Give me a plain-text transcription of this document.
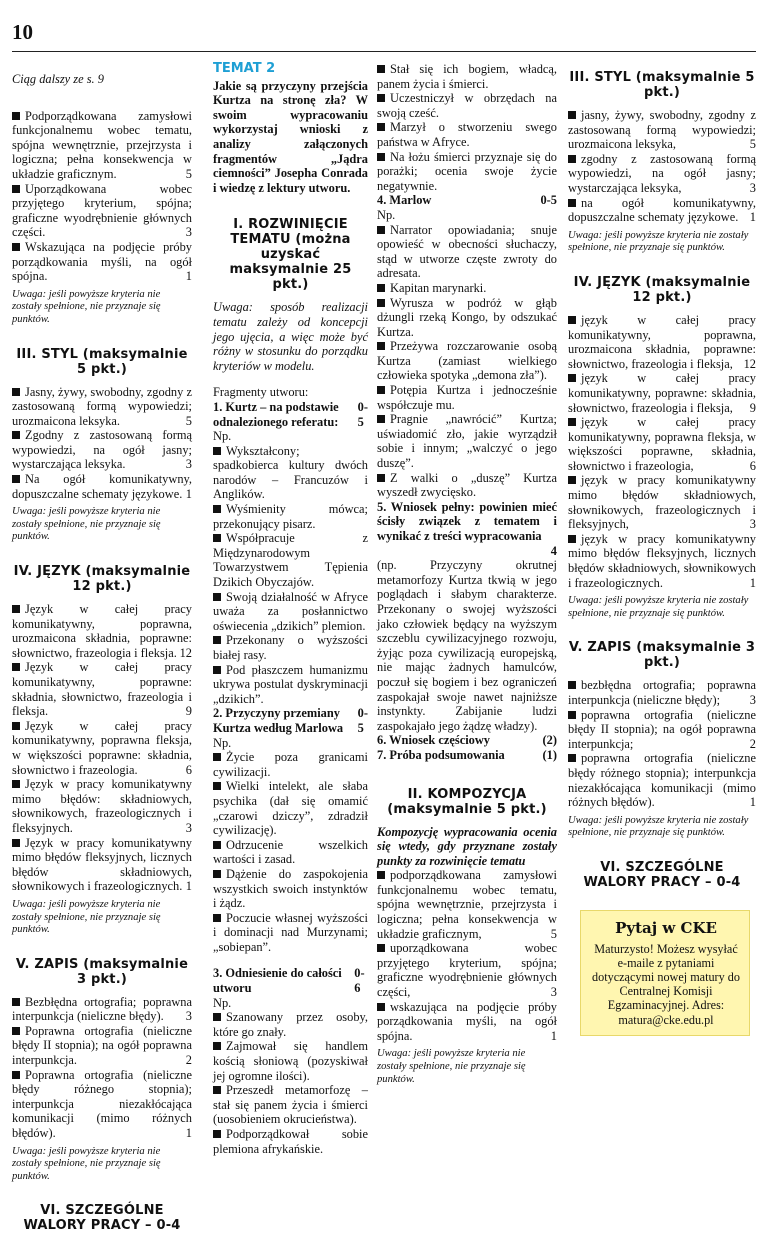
10

Ciąg dalszy ze s. 9

Podporządkowana zamysłowi funkcjonalnemu wobec tematu, spójna wewnętrznie, przejrzysta i logiczna; pełna konsekwencja w układzie graficznym.	5

Uporządkowana wobec przyjętego kryterium, spójna; graficzne wyodrębnienie głównych części.	3

Wskazująca na podjęcie próby porządkowania myśli, na ogół spójna.	1

Uwaga: jeśli powyższe kryteria nie zostały spełnione, nie przyznaje się punktów.

III. STYL (maksymalnie 5 pkt.)

Jasny, żywy, swobodny, zgodny z zastosowaną formą wypowiedzi; urozmaicona leksyka.	5

Zgodny z zastosowaną formą wypowiedzi, na ogół jasny; wystarczająca leksyka.	3

Na ogół komunikatywny, dopuszczalne schematy językowe. 1

Uwaga: jeśli powyższe kryteria nie zostały spełnione, nie przyznaje się punktów.

IV. JĘZYK (maksymalnie 12 pkt.)

Język w całej pracy komunikatywny, poprawna, urozmaicona składnia, poprawne: słownictwo, frazeologia i fleksja. 12

Język w całej pracy komunikatywny, poprawne: składnia, słownictwo, frazeologia i fleksja.	9

Język w całej pracy komunikatywny, poprawna fleksja, w większości poprawne: składnia, słownictwo i frazeologia.	6

Język w pracy komunikatywny mimo błędów: składniowych, słownikowych, frazeologicznych i fleksyjnych.	3

Język w pracy komunikatywny mimo błędów fleksyjnych, licznych błędów składniowych, słownikowych i frazeologicznych. 1

Uwaga: jeśli powyższe kryteria nie zostały spełnione, nie przyznaje się punktów.

V. ZAPIS (maksymalnie 3 pkt.)

Bezbłędna ortografia; poprawna interpunkcja (nieliczne błędy). 3

Poprawna ortografia (nieliczne błędy II stopnia); na ogół poprawna interpunkcja.	2

Poprawna ortografia (nieliczne błędy różnego stopnia); interpunkcja niezakłócająca komunikacji (mimo różnych błędów).	1

Uwaga: jeśli powyższe kryteria nie zostały spełnione, nie przyznaje się punktów.

VI. SZCZEGÓLNE WALORY PRACY – 0-4
TEMAT 2

Jakie są przyczyny przejścia Kurtza na stronę zła? W swoim wypracowaniu wykorzystaj wnioski z analizy załączonych fragmentów „Jądra ciemności” Josepha Conrada i wiedzę z lektury utworu.

I. ROZWINIĘCIE TEMATU (można uzyskać maksymalnie 25 pkt.)

Uwaga: sposób realizacji tematu zależy od koncepcji jego ujęcia, a więc może być różny w stosunku do porządku kryteriów w modelu.

Fragmenty utworu:

1. Kurtz – na podstawie odnalezionego referatu:
0-5

Np.

Wykształcony; spadkobierca kultury dwóch narodów – Francuzów i Anglików.

Wyśmienity mówca; przekonujący pisarz.

Współpracuje z Międzynarodowym Towarzystwem Tępienia Dzikich Obyczajów.

Swoją działalność w Afryce uważa za posłannictwo oświecenia „dzikich” plemion.

Przekonany o wyższości białej rasy.

Pod płaszczem humanizmu ukrywa postulat dyskryminacji „dzikich”.

2. Przyczyny przemiany Kurtza według Marlowa
0-5

Np.

Życie poza granicami cywilizacji.

Wielki intelekt, ale słaba psychika (dał się omamić „czarowi dziczy”, zdradził cywilizację).

Odrzucenie wszelkich wartości i zasad.

Dążenie do zaspokojenia wszystkich swoich instynktów i żądz.

Poczucie własnej wyższości i dominacji nad Murzynami; „sobiepan”.

3. Odniesienie do całości utworu
0-6

Np.

Szanowany przez osoby, które go znały.

Zajmował się handlem kością słoniową (pozyskiwał jej ogromne ilości).

Przeszedł metamorfozę – stał się panem życia i śmierci (uosobieniem okrucieństwa).

Podporządkował sobie plemiona afrykańskie.

Stał się ich bogiem, władcą, panem życia i śmierci.

Uczestniczył w obrzędach na swoją cześć.

Marzył o stworzeniu swego państwa w Afryce.

Na łożu śmierci przyznaje się do porażki; ocenia swoje życie negatywnie.

4. Marlow	0-5

Np.

Narrator opowiadania; snuje opowieść w obecności słuchaczy, stąd w utworze częste zwroty do adresata.

Kapitan marynarki.

Wyrusza w podróż w głąb dżungli rzeką Kongo, by odszukać Kurtza.

Przeżywa rozczarowanie osobą Kurtza (zamiast wielkiego człowieka spotyka „demona zła”).

Potępia Kurtza i jednocześnie współczuje mu.

Pragnie „nawrócić” Kurtza; uświadomić zło, jakie wyrządził sobie i innym; „walczyć o jego duszę”.

Z walki o „duszę” Kurtza wyszedł zwycięsko.

5. Wniosek pełny: powinien mieć ścisły związek z tematem i wynikać z treści wypracowania

4

(np. Przyczyny okrutnej metamorfozy Kurtza tkwią w jego poglądach i słabym charakterze. Przekonany o swojej wyższości jako człowiek będący na wyższym szczeblu cywilizacyjnego rozwoju, żyjąc poza cywilizacją europejską, nie mając żadnych hamulców, poczuł się bogiem i bez ograniczeń zaspokajał swoje nawet najniższe instynkty. Zabijanie ludzi zaspokajało jego żądzę władzy).

6. Wniosek częściowy	(2)
7. Próba podsumowania	(1)
II. KOMPOZYCJA (maksymalnie 5 pkt.)

Kompozycję wypracowania ocenia się wtedy, gdy przyznane zostały punkty za rozwinięcie tematu

podporządkowana zamysłowi funkcjonalnemu wobec tematu, spójna wewnętrznie, przejrzysta i logiczna; pełna konsekwencja w układzie graficznym,	5

uporządkowana wobec przyjętego kryterium, spójna; graficzne wyodrębnienie głównych części,	3

wskazująca na podjęcie próby porządkowania myśli, na ogół spójna.	1

Uwaga: jeśli powyższe kryteria nie zostały spełnione, nie przyznaje się punktów.

III. STYL (maksymalnie 5 pkt.)

jasny, żywy, swobodny, zgodny z zastosowaną formą wypowiedzi; urozmaicona leksyka,	5

zgodny z zastosowaną formą wypowiedzi, na ogół jasny; wystarczająca leksyka,	3

na ogół komunikatywny, dopuszczalne schematy językowe. 1

Uwaga: jeśli powyższe kryteria nie zostały spełnione, nie przyznaje się punktów.

IV. JĘZYK (maksymalnie 12 pkt.)

język w całej pracy komunikatywny, poprawna, urozmaicona składnia, poprawne: słownictwo, frazeologia i fleksja, 12

język w całej pracy komunikatywny, poprawne: składnia, słownictwo, frazeologia i fleksja, 9

język w całej pracy komunikatywny, poprawna fleksja, w większości poprawne, składnia, słownictwo i frazeologia,	6

język w pracy komunikatywny mimo błędów składniowych, słownikowych, frazeologicznych i fleksyjnych,	3

język w pracy komunikatywny mimo błędów fleksyjnych, licznych błędów składniowych, słownikowych i frazeologicznych.	1

Uwaga: jeśli powyższe kryteria nie zostały spełnione, nie przyznaje się punktów.

V. ZAPIS (maksymalnie 3 pkt.)

bezbłędna ortografia; poprawna interpunkcja (nieliczne błędy); 3

poprawna ortografia (nieliczne błędy II stopnia); na ogół poprawna interpunkcja;	2

poprawna ortografia (nieliczne błędy różnego stopnia); interpunkcja niezakłócająca komunikacji (mimo różnych błędów).	1

Uwaga: jeśli powyższe kryteria nie zostały spełnione, nie przyznaje się punktów.

VI. SZCZEGÓLNE WALORY PRACY – 0-4
Pytaj w CKE
Maturzysto! Możesz wysyłać e-maile z pytaniami dotyczącymi nowej matury do Centralnej Komisji Egzaminacyjnej. Adres: matura@cke.edu.pl
